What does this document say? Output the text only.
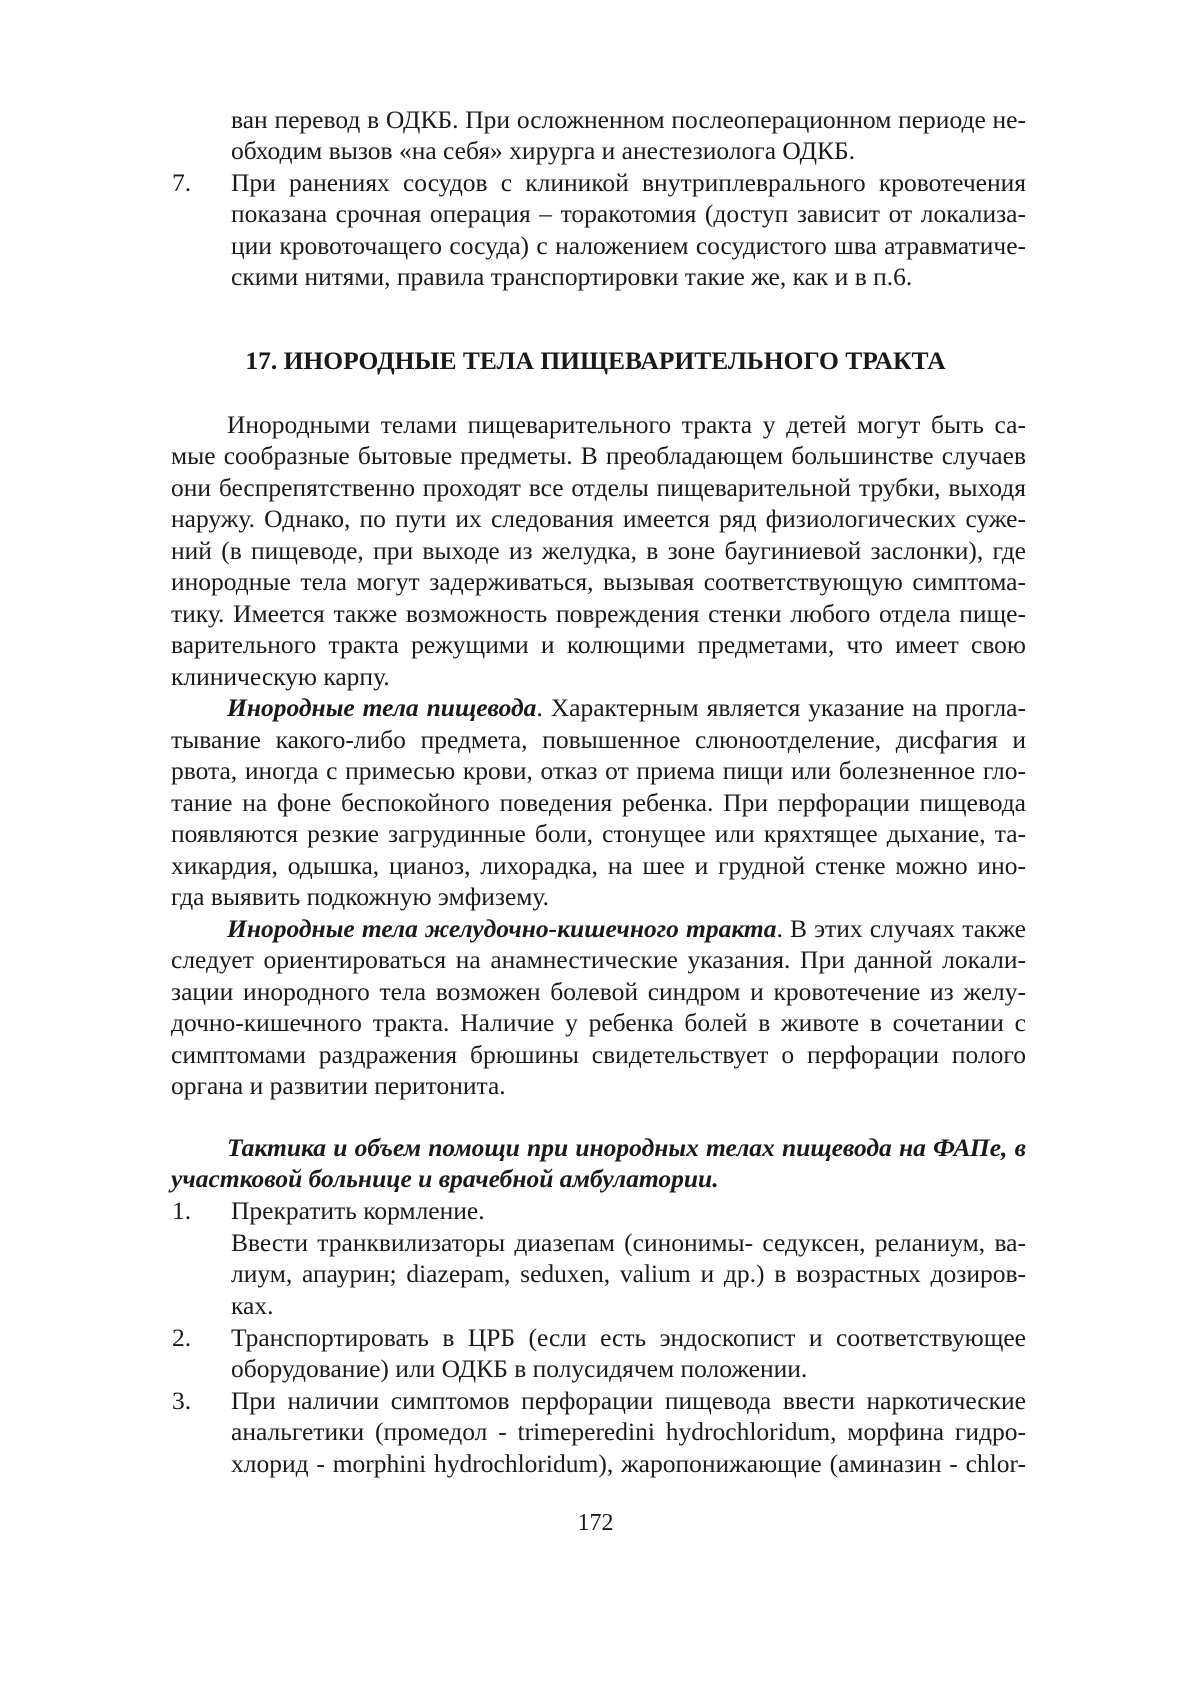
ван перевод в ОДКБ. При осложненном послеоперационном периоде не-
обходим вызов «на себя» хирурга и анестезиолога ОДКБ.
7. При ранениях сосудов с клиникой внутриплеврального кровотечения
показана срочная операция – торакотомия (доступ зависит от локализа-
ции кровоточащего сосуда) с наложением сосудистого шва атравматиче-
скими нитями, правила транспортировки такие же, как и в п.6.
17. ИНОРОДНЫЕ ТЕЛА ПИЩЕВАРИТЕЛЬНОГО ТРАКТА
Инородными телами пищеварительного тракта у детей могут быть са-
мые сообразные бытовые предметы. В преобладающем большинстве случаев
они беспрепятственно проходят все отделы пищеварительной трубки, выходя
наружу. Однако, по пути их следования имеется ряд физиологических суже-
ний (в пищеводе, при выходе из желудка, в зоне баугиниевой заслонки), где
инородные тела могут задерживаться, вызывая соответствующую симптома-
тику. Имеется также возможность повреждения стенки любого отдела пище-
варительного тракта режущими и колющими предметами, что имеет свою
клиническую карпу.
Инородные тела пищевода. Характерным является указание на прогла-
тывание какого-либо предмета, повышенное слюноотделение, дисфагия и
рвота, иногда с примесью крови, отказ от приема пищи или болезненное гло-
тание на фоне беспокойного поведения ребенка. При перфорации пищевода
появляются резкие загрудинные боли, стонущее или кряхтящее дыхание, та-
хикардия, одышка, цианоз, лихорадка, на шее и грудной стенке можно ино-
гда выявить подкожную эмфизему.
Инородные тела желудочно-кишечного тракта. В этих случаях также
следует ориентироваться на анамнестические указания. При данной локали-
зации инородного тела возможен болевой синдром и кровотечение из желу-
дочно-кишечного тракта. Наличие у ребенка болей в животе в сочетании с
симптомами раздражения брюшины свидетельствует о перфорации полого
органа и развитии перитонита.
Тактика и объем помощи при инородных телах пищевода на ФАПе, в
участковой больнице и врачебной амбулатории.
1. Прекратить кормление.
Ввести транквилизаторы диазепам (синонимы- седуксен, реланиум, ва-
лиум, апаурин; diazepam, seduxen, valium и др.) в возрастных дозиров-
ках.
2. Транспортировать в ЦРБ (если есть эндоскопист и соответствующее
оборудование) или ОДКБ в полусидячем положении.
3. При наличии симптомов перфорации пищевода ввести наркотические
анальгетики (промедол - trimeperedini hydrochloridum, морфина гидро-
хлорид - morphini hydrochloridum), жаропонижающие (аминазин - chlor-
172
